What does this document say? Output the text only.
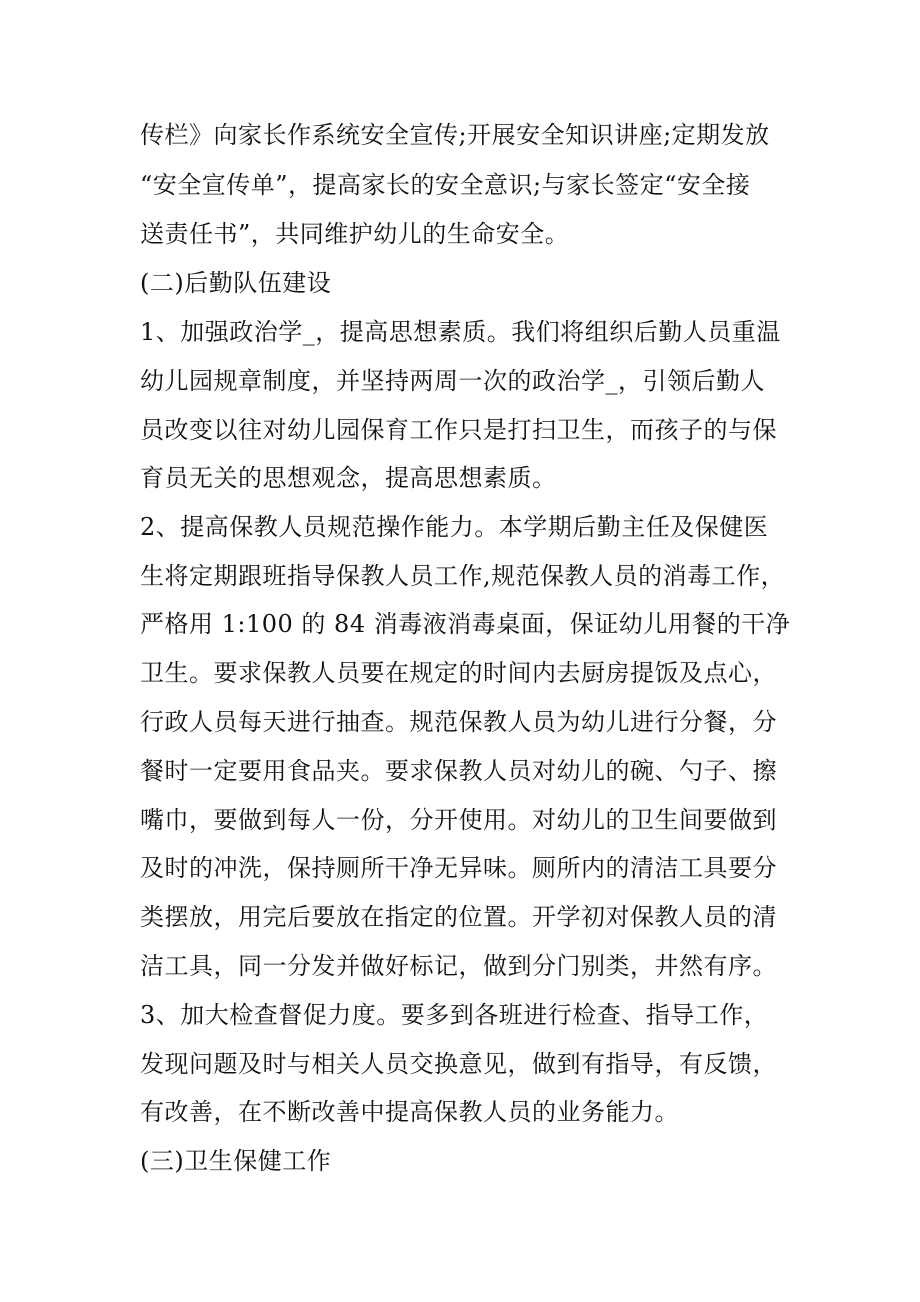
传栏》向家长作系统安全宣传;开展安全知识讲座;定期发放
“安全宣传单”，提高家长的安全意识;与家长签定“安全接
送责任书”，共同维护幼儿的生命安全。
(二)后勤队伍建设
1、加强政治学_，提高思想素质。我们将组织后勤人员重温
幼儿园规章制度，并坚持两周一次的政治学_，引领后勤人
员改变以往对幼儿园保育工作只是打扫卫生，而孩子的与保
育员无关的思想观念，提高思想素质。
2、提高保教人员规范操作能力。本学期后勤主任及保健医
生将定期跟班指导保教人员工作,规范保教人员的消毒工作，
严格用 1:100 的 84 消毒液消毒桌面，保证幼儿用餐的干净
卫生。要求保教人员要在规定的时间内去厨房提饭及点心，
行政人员每天进行抽查。规范保教人员为幼儿进行分餐，分
餐时一定要用食品夹。要求保教人员对幼儿的碗、勺子、擦
嘴巾，要做到每人一份，分开使用。对幼儿的卫生间要做到
及时的冲洗，保持厕所干净无异味。厕所内的清洁工具要分
类摆放，用完后要放在指定的位置。开学初对保教人员的清
洁工具，同一分发并做好标记，做到分门别类，井然有序。
3、加大检查督促力度。要多到各班进行检查、指导工作，
发现问题及时与相关人员交换意见，做到有指导，有反馈，
有改善，在不断改善中提高保教人员的业务能力。
(三)卫生保健工作
